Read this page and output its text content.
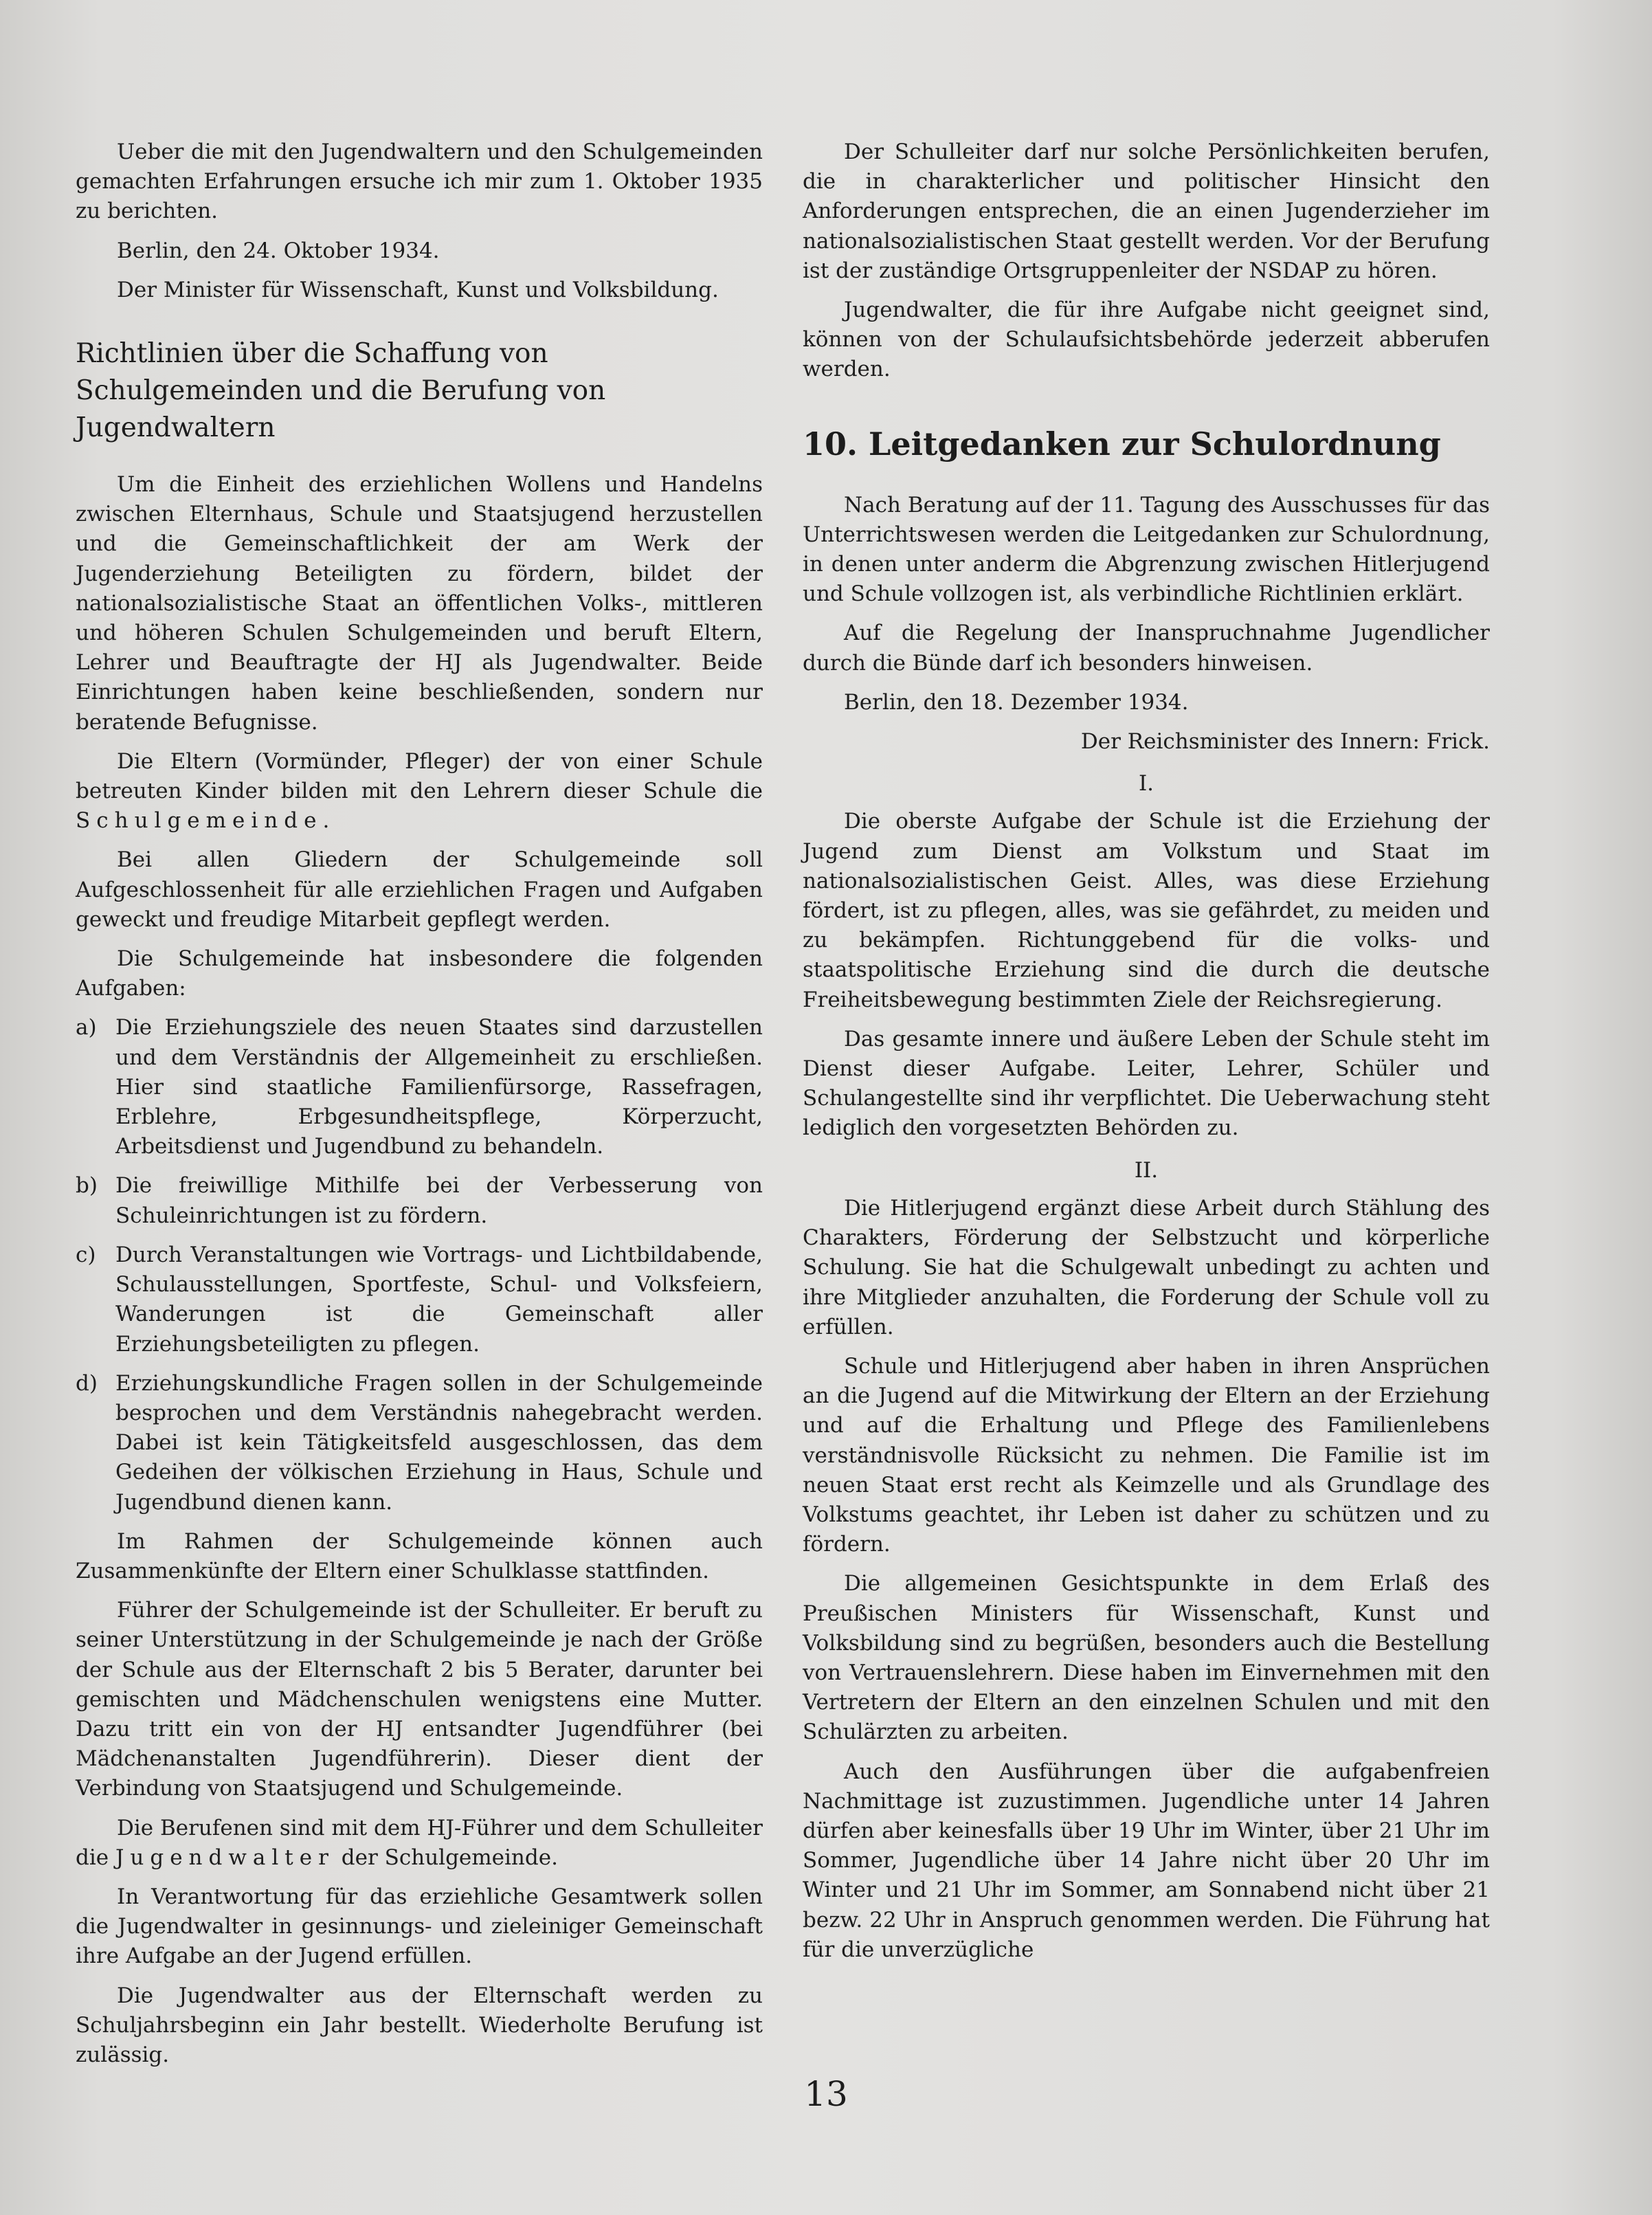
Ueber die mit den Jugendwaltern und den Schulgemeinden gemachten Erfahrungen ersuche ich mir zum 1. Oktober 1935 zu berichten.

Berlin, den 24. Oktober 1934.

Der Minister für Wissenschaft, Kunst und Volksbildung.

Richtlinien über die Schaffung von Schulgemeinden und die Berufung von Jugendwaltern

Um die Einheit des erziehlichen Wollens und Handelns zwischen Elternhaus, Schule und Staatsjugend herzustellen und die Gemeinschaftlichkeit der am Werk der Jugenderziehung Beteiligten zu fördern, bildet der nationalsozialistische Staat an öffentlichen Volks-, mittleren und höheren Schulen Schulgemeinden und beruft Eltern, Lehrer und Beauftragte der HJ als Jugendwalter. Beide Einrichtungen haben keine beschließenden, sondern nur beratende Befugnisse.

Die Eltern (Vormünder, Pfleger) der von einer Schule betreuten Kinder bilden mit den Lehrern dieser Schule die Schulgemeinde.

Bei allen Gliedern der Schulgemeinde soll Aufgeschlossenheit für alle erziehlichen Fragen und Aufgaben geweckt und freudige Mitarbeit gepflegt werden.

Die Schulgemeinde hat insbesondere die folgenden Aufgaben:

a) Die Erziehungsziele des neuen Staates sind darzustellen und dem Verständnis der Allgemeinheit zu erschließen. Hier sind staatliche Familienfürsorge, Rassefragen, Erblehre, Erbgesundheitspflege, Körperzucht, Arbeitsdienst und Jugendbund zu behandeln.
b) Die freiwillige Mithilfe bei der Verbesserung von Schuleinrichtungen ist zu fördern.
c) Durch Veranstaltungen wie Vortrags- und Lichtbildabende, Schulausstellungen, Sportfeste, Schul- und Volksfeiern, Wanderungen ist die Gemeinschaft aller Erziehungsbeteiligten zu pflegen.
d) Erziehungskundliche Fragen sollen in der Schulgemeinde besprochen und dem Verständnis nahegebracht werden. Dabei ist kein Tätigkeitsfeld ausgeschlossen, das dem Gedeihen der völkischen Erziehung in Haus, Schule und Jugendbund dienen kann.

Im Rahmen der Schulgemeinde können auch Zusammenkünfte der Eltern einer Schulklasse stattfinden.

Führer der Schulgemeinde ist der Schulleiter. Er beruft zu seiner Unterstützung in der Schulgemeinde je nach der Größe der Schule aus der Elternschaft 2 bis 5 Berater, darunter bei gemischten und Mädchenschulen wenigstens eine Mutter. Dazu tritt ein von der HJ entsandter Jugendführer (bei Mädchenanstalten Jugendführerin). Dieser dient der Verbindung von Staatsjugend und Schulgemeinde.

Die Berufenen sind mit dem HJ-Führer und dem Schulleiter die Jugendwalter der Schulgemeinde.

In Verantwortung für das erziehliche Gesamtwerk sollen die Jugendwalter in gesinnungs- und zieleiniger Gemeinschaft ihre Aufgabe an der Jugend erfüllen.

Die Jugendwalter aus der Elternschaft werden zu Schuljahrsbeginn ein Jahr bestellt. Wiederholte Berufung ist zulässig.

Der Schulleiter darf nur solche Persönlichkeiten berufen, die in charakterlicher und politischer Hinsicht den Anforderungen entsprechen, die an einen Jugenderzieher im nationalsozialistischen Staat gestellt werden. Vor der Berufung ist der zuständige Ortsgruppenleiter der NSDAP zu hören.

Jugendwalter, die für ihre Aufgabe nicht geeignet sind, können von der Schulaufsichtsbehörde jederzeit abberufen werden.

10. Leitgedanken zur Schulordnung

Nach Beratung auf der 11. Tagung des Ausschusses für das Unterrichtswesen werden die Leitgedanken zur Schulordnung, in denen unter anderm die Abgrenzung zwischen Hitlerjugend und Schule vollzogen ist, als verbindliche Richtlinien erklärt.

Auf die Regelung der Inanspruchnahme Jugendlicher durch die Bünde darf ich besonders hinweisen.

Berlin, den 18. Dezember 1934.

Der Reichsminister des Innern: Frick.

I.

Die oberste Aufgabe der Schule ist die Erziehung der Jugend zum Dienst am Volkstum und Staat im nationalsozialistischen Geist. Alles, was diese Erziehung fördert, ist zu pflegen, alles, was sie gefährdet, zu meiden und zu bekämpfen. Richtunggebend für die volks- und staatspolitische Erziehung sind die durch die deutsche Freiheitsbewegung bestimmten Ziele der Reichsregierung.

Das gesamte innere und äußere Leben der Schule steht im Dienst dieser Aufgabe. Leiter, Lehrer, Schüler und Schulangestellte sind ihr verpflichtet. Die Ueberwachung steht lediglich den vorgesetzten Behörden zu.

II.

Die Hitlerjugend ergänzt diese Arbeit durch Stählung des Charakters, Förderung der Selbstzucht und körperliche Schulung. Sie hat die Schulgewalt unbedingt zu achten und ihre Mitglieder anzuhalten, die Forderung der Schule voll zu erfüllen.

Schule und Hitlerjugend aber haben in ihren Ansprüchen an die Jugend auf die Mitwirkung der Eltern an der Erziehung und auf die Erhaltung und Pflege des Familienlebens verständnisvolle Rücksicht zu nehmen. Die Familie ist im neuen Staat erst recht als Keimzelle und als Grundlage des Volkstums geachtet, ihr Leben ist daher zu schützen und zu fördern.

Die allgemeinen Gesichtspunkte in dem Erlaß des Preußischen Ministers für Wissenschaft, Kunst und Volksbildung sind zu begrüßen, besonders auch die Bestellung von Vertrauenslehrern. Diese haben im Einvernehmen mit den Vertretern der Eltern an den einzelnen Schulen und mit den Schulärzten zu arbeiten.

Auch den Ausführungen über die aufgabenfreien Nachmittage ist zuzustimmen. Jugendliche unter 14 Jahren dürfen aber keinesfalls über 19 Uhr im Winter, über 21 Uhr im Sommer, Jugendliche über 14 Jahre nicht über 20 Uhr im Winter und 21 Uhr im Sommer, am Sonnabend nicht über 21 bezw. 22 Uhr in Anspruch genommen werden. Die Führung hat für die unverzügliche

13
